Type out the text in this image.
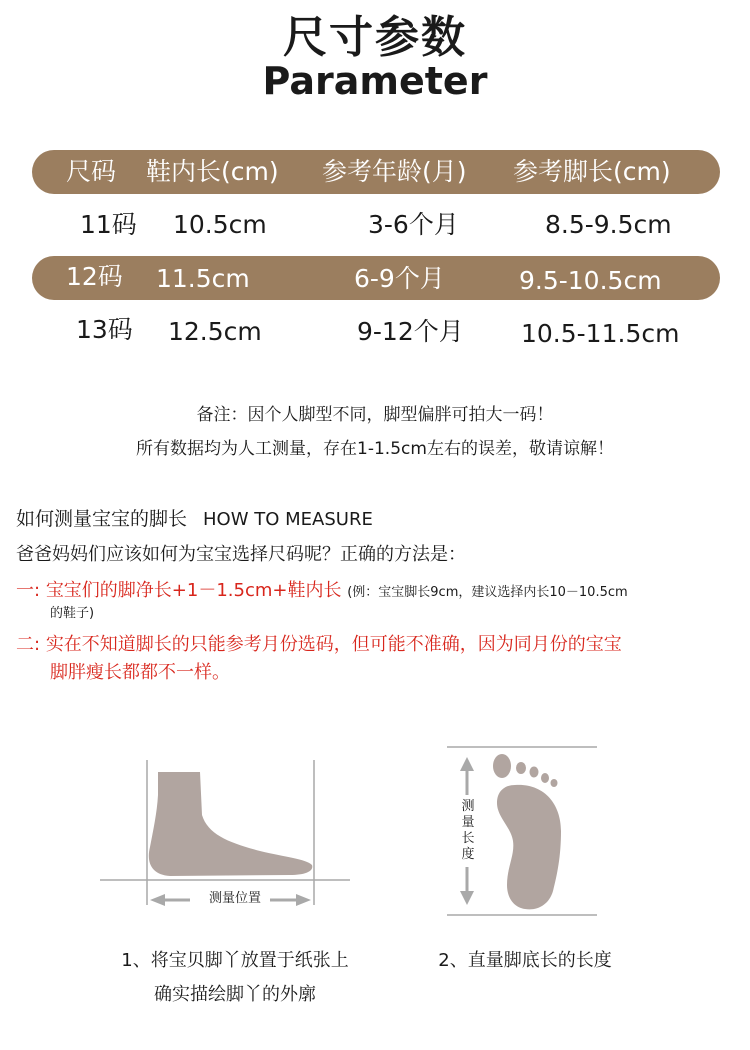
尺寸参数
Parameter
尺码 鞋内长(cm) 参考年龄(月) 参考脚长(cm)
11码 10.5cm	3-6个月	8.5-9.5cm
12码 11.5cm	6-9个月	9.5-10.5cm
13码 12.5cm	9-12个月 10.5-11.5cm
备注：因个人脚型不同，脚型偏胖可拍大一码！
所有数据均为人工测量，存在1-1.5cm左右的误差，敬请谅解！
如何测量宝宝的脚长 HOW TO MEASURE
爸爸妈妈们应该如何为宝宝选择尺码呢？正确的方法是：
一: 宝宝们的脚净长+1－1.5cm+鞋内长 (例：宝宝脚长9cm，建议选择内长10－10.5cm
的鞋子)
二: 实在不知道脚长的只能参考月份选码，但可能不准确，因为同月份的宝宝
脚胖瘦长都都不一样。
测量位置
测量长度
1、将宝贝脚丫放置于纸张上
确实描绘脚丫的外廓
2、直量脚底长的长度
